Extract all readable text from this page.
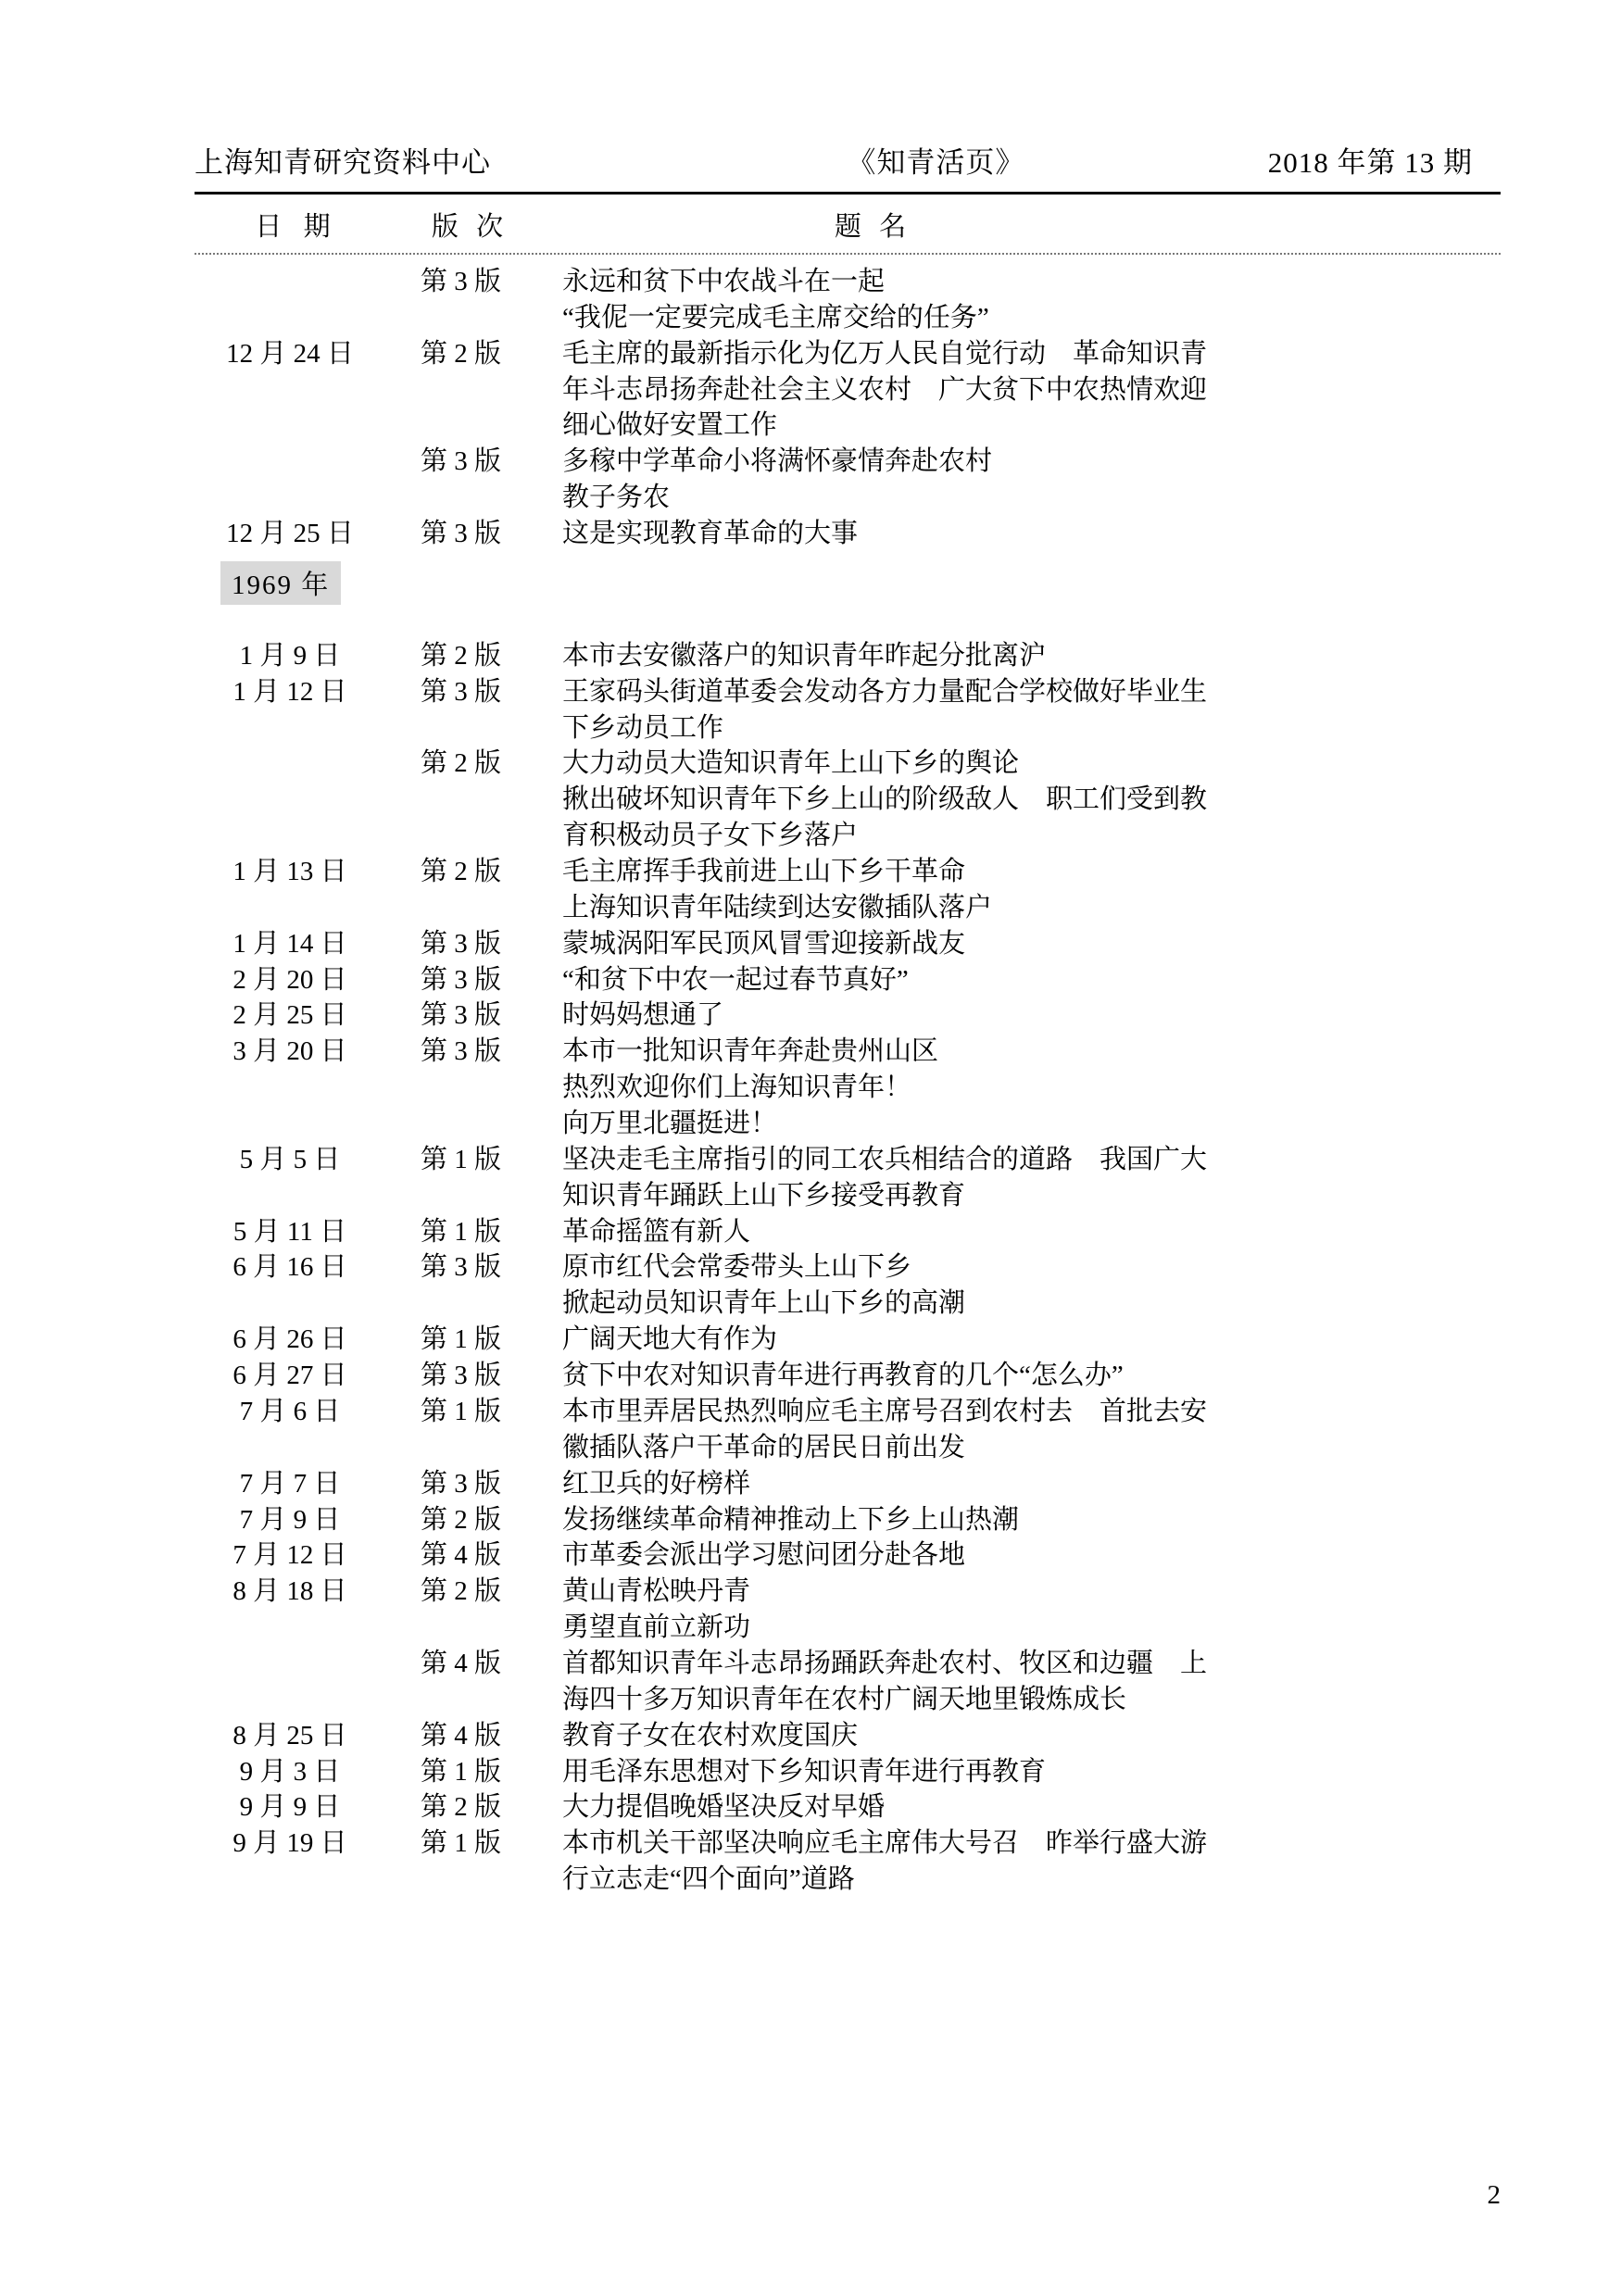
上海知青研究资料中心	《知青活页》	2018 年第 13 期
日 期	版 次	题 名
第 3 版	永远和贫下中农战斗在一起
“我伲一定要完成毛主席交给的任务”
12 月 24 日	第 2 版	毛主席的最新指示化为亿万人民自觉行动　革命知识青
年斗志昂扬奔赴社会主义农村　广大贫下中农热情欢迎
细心做好安置工作
第 3 版	多稼中学革命小将满怀豪情奔赴农村
教子务农
12 月 25 日	第 3 版	这是实现教育革命的大事
1969 年
1 月 9 日	第 2 版	本市去安徽落户的知识青年昨起分批离沪
1 月 12 日	第 3 版	王家码头街道革委会发动各方力量配合学校做好毕业生
下乡动员工作
第 2 版	大力动员大造知识青年上山下乡的舆论
揪出破坏知识青年下乡上山的阶级敌人　职工们受到教
育积极动员子女下乡落户
1 月 13 日	第 2 版	毛主席挥手我前进上山下乡干革命
上海知识青年陆续到达安徽插队落户
1 月 14 日	第 3 版	蒙城涡阳军民顶风冒雪迎接新战友
2 月 20 日	第 3 版	“和贫下中农一起过春节真好”
2 月 25 日	第 3 版	时妈妈想通了
3 月 20 日	第 3 版	本市一批知识青年奔赴贵州山区
热烈欢迎你们上海知识青年！
向万里北疆挺进！
5 月 5 日	第 1 版	坚决走毛主席指引的同工农兵相结合的道路　我国广大
知识青年踊跃上山下乡接受再教育
5 月 11 日	第 1 版	革命摇篮有新人
6 月 16 日	第 3 版	原市红代会常委带头上山下乡
掀起动员知识青年上山下乡的高潮
6 月 26 日	第 1 版	广阔天地大有作为
6 月 27 日	第 3 版	贫下中农对知识青年进行再教育的几个“怎么办”
7 月 6 日	第 1 版	本市里弄居民热烈响应毛主席号召到农村去　首批去安
徽插队落户干革命的居民日前出发
7 月 7 日	第 3 版	红卫兵的好榜样
7 月 9 日	第 2 版	发扬继续革命精神推动上下乡上山热潮
7 月 12 日	第 4 版	市革委会派出学习慰问团分赴各地
8 月 18 日	第 2 版	黄山青松映丹青
勇望直前立新功
第 4 版	首都知识青年斗志昂扬踊跃奔赴农村、牧区和边疆　上
海四十多万知识青年在农村广阔天地里锻炼成长
8 月 25 日	第 4 版	教育子女在农村欢度国庆
9 月 3 日	第 1 版	用毛泽东思想对下乡知识青年进行再教育
9 月 9 日	第 2 版	大力提倡晚婚坚决反对早婚
9 月 19 日	第 1 版	本市机关干部坚决响应毛主席伟大号召　昨举行盛大游
行立志走“四个面向”道路
2
